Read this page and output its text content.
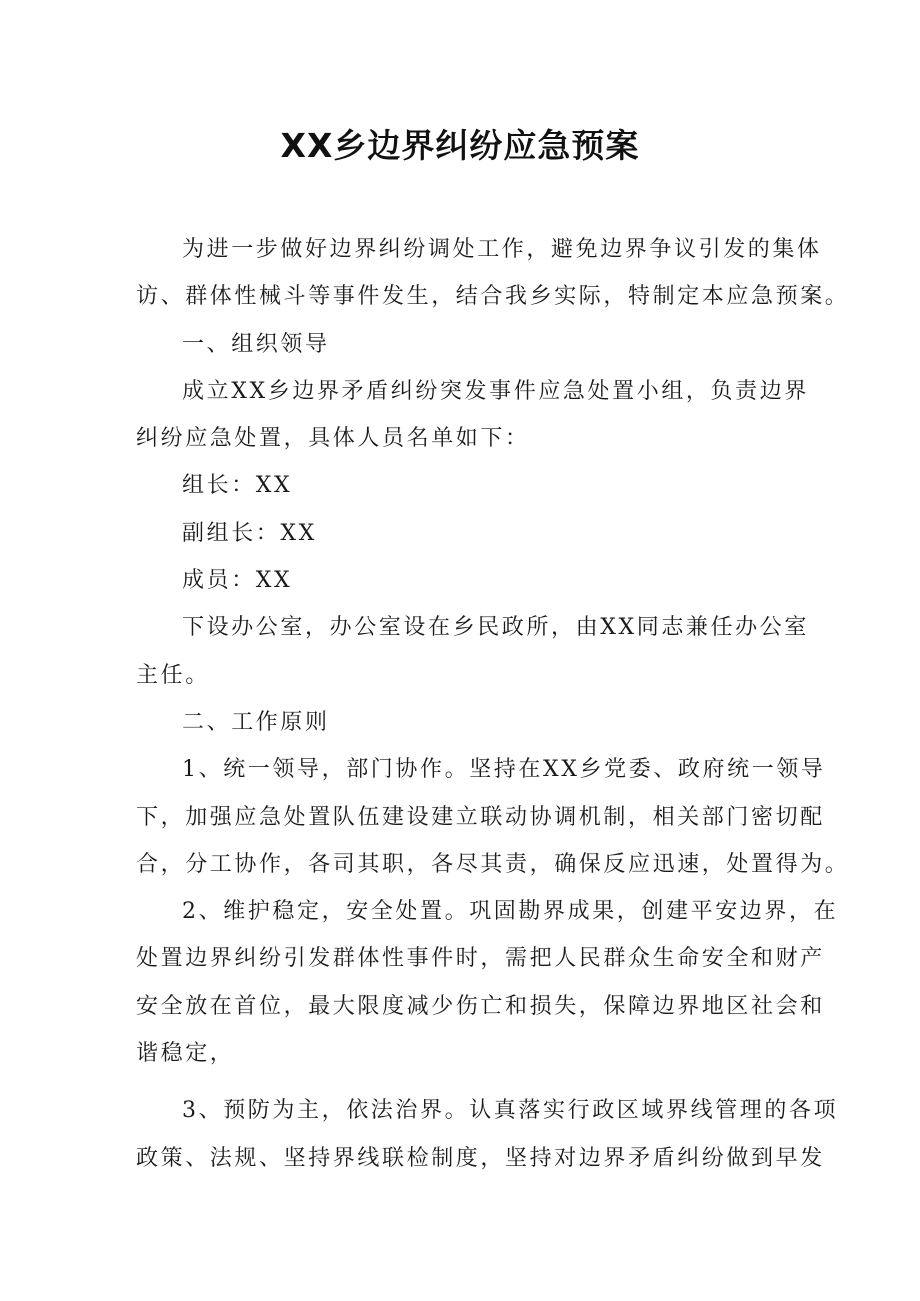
XX乡边界纠纷应急预案
为进一步做好边界纠纷调处工作，避免边界争议引发的集体
访、群体性械斗等事件发生，结合我乡实际，特制定本应急预案。
一、组织领导
成立XX乡边界矛盾纠纷突发事件应急处置小组，负责边界
纠纷应急处置，具体人员名单如下：
组长：XX
副组长：XX
成员：XX
下设办公室，办公室设在乡民政所，由XX同志兼任办公室
主任。
二、工作原则
1、统一领导，部门协作。坚持在XX乡党委、政府统一领导
下，加强应急处置队伍建设建立联动协调机制，相关部门密切配
合，分工协作，各司其职，各尽其责，确保反应迅速，处置得为。
2、维护稳定，安全处置。巩固勘界成果，创建平安边界，在
处置边界纠纷引发群体性事件时，需把人民群众生命安全和财产
安全放在首位，最大限度减少伤亡和损失，保障边界地区社会和
谐稳定，
3、预防为主，依法治界。认真落实行政区域界线管理的各项
政策、法规、坚持界线联检制度，坚持对边界矛盾纠纷做到早发
